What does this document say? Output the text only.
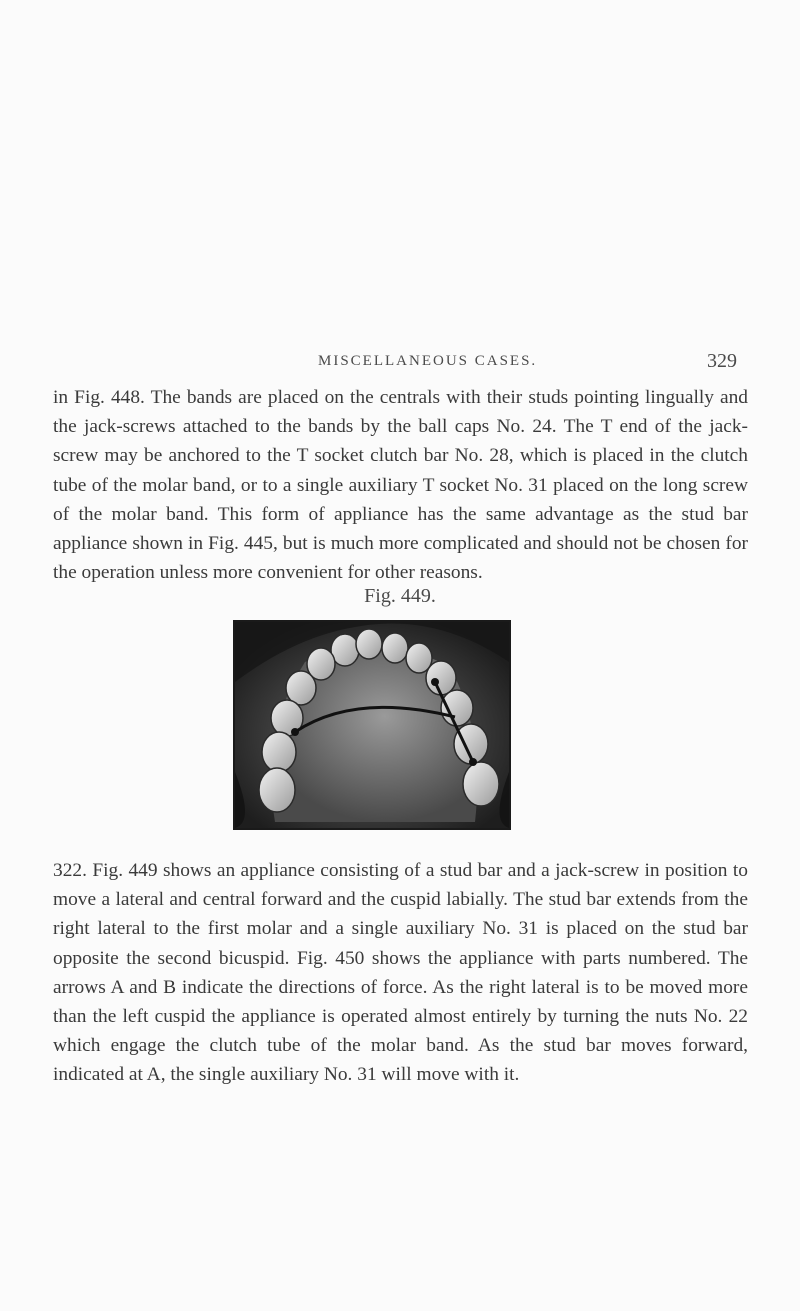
MISCELLANEOUS CASES.	329

in Fig. 448. The bands are placed on the centrals with their studs pointing lingually and the jack-screws attached to the bands by the ball caps No. 24. The T end of the jack-screw may be anchored to the T socket clutch bar No. 28, which is placed in the clutch tube of the molar band, or to a single auxiliary T socket No. 31 placed on the long screw of the molar band. This form of appliance has the same advantage as the stud bar appliance shown in Fig. 445, but is much more complicated and should not be chosen for the operation unless more convenient for other reasons.

Fig. 449.

322. Fig. 449 shows an appliance consisting of a stud bar and a jack-screw in position to move a lateral and central forward and the cuspid labially. The stud bar extends from the right lateral to the first molar and a single auxiliary No. 31 is placed on the stud bar opposite the second bicuspid. Fig. 450 shows the appliance with parts numbered. The arrows A and B indicate the directions of force. As the right lateral is to be moved more than the left cuspid the appliance is operated almost entirely by turning the nuts No. 22 which engage the clutch tube of the molar band. As the stud bar moves forward, indicated at A, the single auxiliary No. 31 will move with it.
